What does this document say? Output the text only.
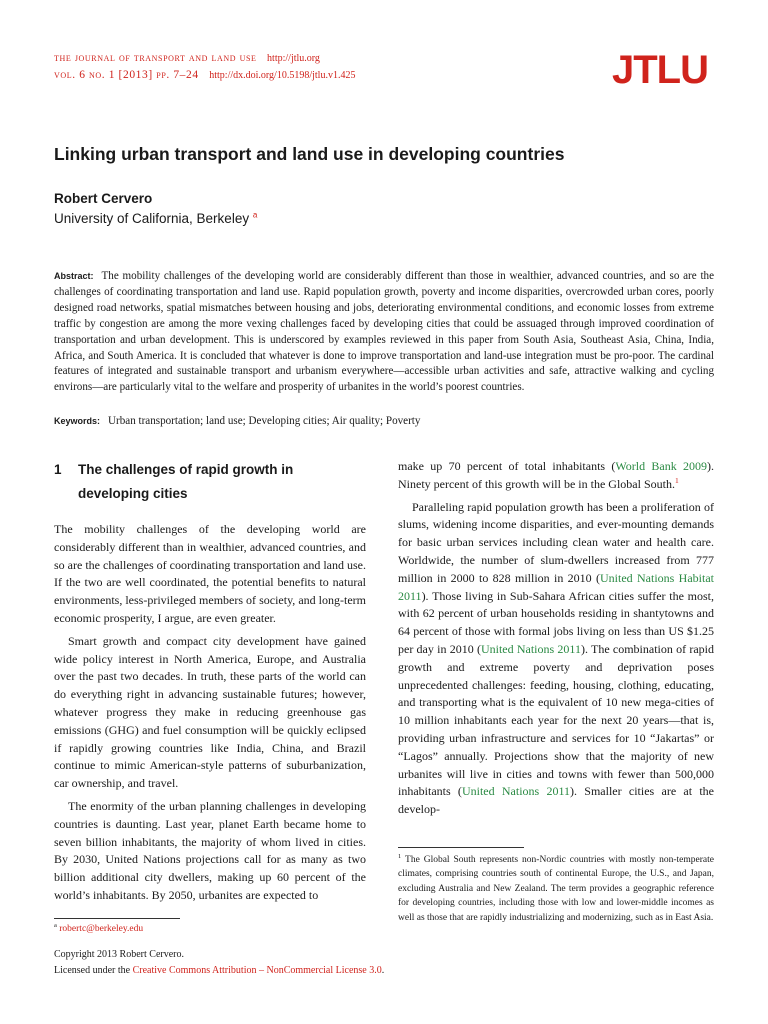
the journal of transport and land use http://jtlu.org
vol. 6 no. 1 [2013] pp. 7–24 http://dx.doi.org/10.5198/jtlu.v1.425	JTLU
Linking urban transport and land use in developing countries
Robert Cervero
University of California, Berkeley $^a$
Abstract: The mobility challenges of the developing world are considerably different than those in wealthier, advanced countries, and so are the challenges of coordinating transportation and land use. Rapid population growth, poverty and income disparities, overcrowded urban cores, poorly designed road networks, spatial mismatches between housing and jobs, deteriorating environmental conditions, and economic losses from extreme traffic by congestion are among the more vexing challenges faced by developing cities that could be assuaged through improved coordination of transportation and urban development. This is underscored by examples reviewed in this paper from South Asia, Southeast Asia, China, India, Africa, and South America. It is concluded that whatever is done to improve transportation and land-use integration must be pro-poor. The cardinal features of integrated and sustainable transport and urbanism everywhere—accessible urban activities and safe, attractive walking and cycling environs—are particularly vital to the welfare and prosperity of urbanites in the world’s poorest countries.
Keywords: Urban transportation; land use; Developing cities; Air quality; Poverty
1	The challenges of rapid growth in developing cities

The mobility challenges of the developing world are considerably different than in wealthier, advanced countries, and so are the challenges of coordinating transportation and land use. If the two are well coordinated, the potential benefits to natural environments, less-privileged members of society, and long-term economic prosperity, I argue, are even greater.

Smart growth and compact city development have gained wide policy interest in North America, Europe, and Australia over the past two decades. In truth, these parts of the world can do everything right in advancing sustainable futures; however, whatever progress they make in reducing greenhouse gas emissions (GHG) and fuel consumption will be quickly eclipsed if rapidly growing countries like India, China, and Brazil continue to mimic American-style patterns of suburbanization, car ownership, and travel.

The enormity of the urban planning challenges in developing countries is daunting. Last year, planet Earth became home to seven billion inhabitants, the majority of whom lived in cities. By 2030, United Nations projections call for as many as two billion additional city dwellers, making up 60 percent of the world’s inhabitants. By 2050, urbanites are expected to

make up 70 percent of total inhabitants (World Bank 2009). Ninety percent of this growth will be in the Global South.$^1$

Paralleling rapid population growth has been a proliferation of slums, widening income disparities, and ever-mounting demands for basic urban services including clean water and health care. Worldwide, the number of slum-dwellers increased from 777 million in 2000 to 828 million in 2010 (United Nations Habitat 2011). Those living in Sub-Sahara African cities suffer the most, with 62 percent of urban households residing in shantytowns and 64 percent of those with formal jobs living on less than US $1.25 per day in 2010 (United Nations 2011). The combination of rapid growth and extreme poverty and deprivation poses unprecedented challenges: feeding, housing, clothing, educating, and transporting what is the equivalent of 10 new mega-cities of 10 million inhabitants each year for the next 20 years—that is, providing urban infrastructure and services for 10 “Jakartas” or “Lagos” annually. Projections show that the majority of new urbanites will live in cities and towns with fewer than 500,000 inhabitants (United Nations 2011). Smaller cities are at the develop-

$^1$ The Global South represents non-Nordic countries with mostly non-temperate climates, comprising countries south of continental Europe, the U.S., and Japan, excluding Australia and New Zealand. The term provides a geographic reference for developing countries, including those with low and lower-middle incomes as well as those that are rapidly industrializing and modernizing, such as in East Asia.
$^a$ robertc@berkeley.edu
Copyright 2013 Robert Cervero.
Licensed under the Creative Commons Attribution – NonCommercial License 3.0.
